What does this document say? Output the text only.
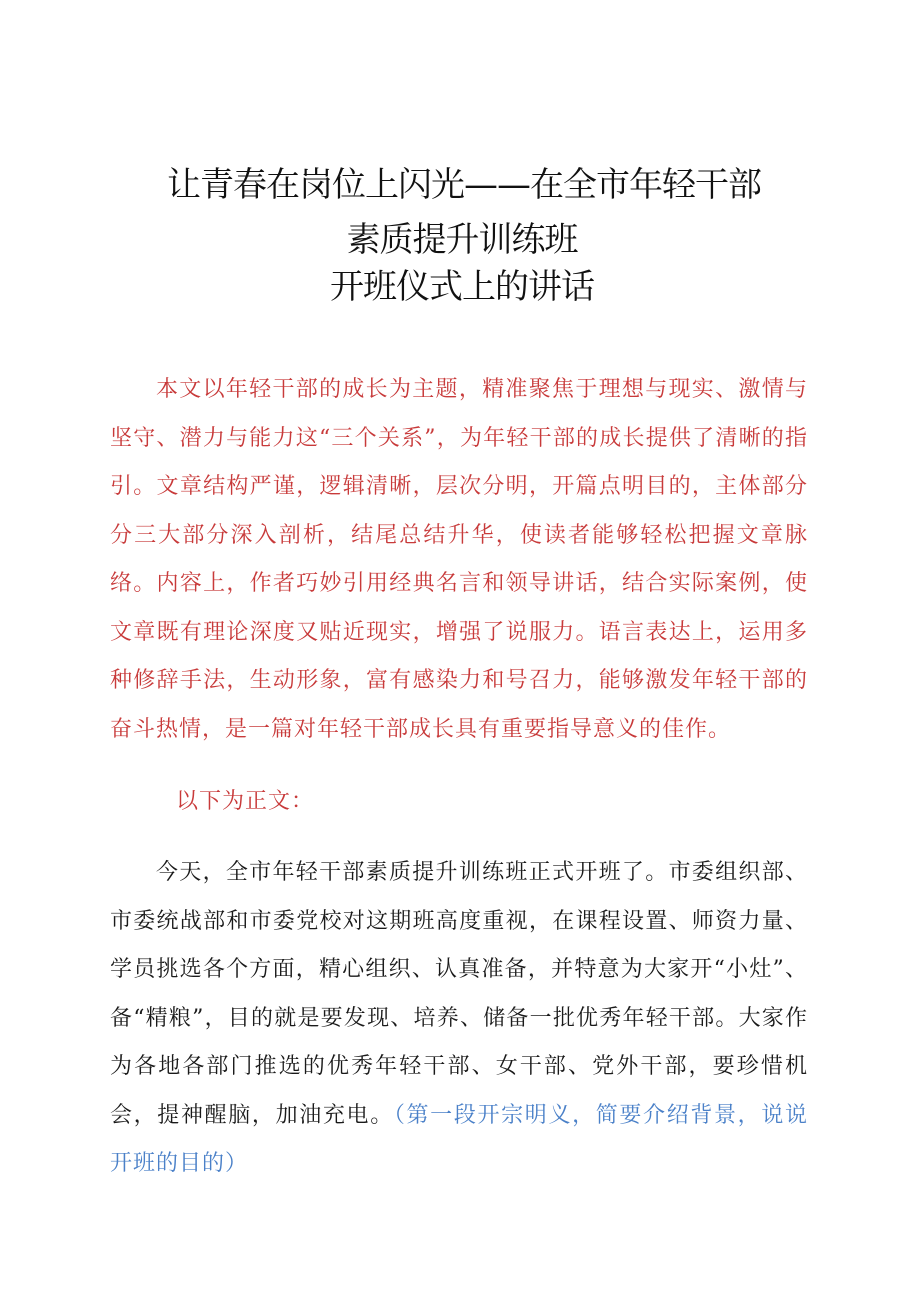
让青春在岗位上闪光——在全市年轻干部
素质提升训练班
开班仪式上的讲话

本文以年轻干部的成长为主题，精准聚焦于理想与现实、激情与坚守、潜力与能力这“三个关系”，为年轻干部的成长提供了清晰的指引。文章结构严谨，逻辑清晰，层次分明，开篇点明目的，主体部分分三大部分深入剖析，结尾总结升华，使读者能够轻松把握文章脉络。内容上，作者巧妙引用经典名言和领导讲话，结合实际案例，使文章既有理论深度又贴近现实，增强了说服力。语言表达上，运用多种修辞手法，生动形象，富有感染力和号召力，能够激发年轻干部的奋斗热情，是一篇对年轻干部成长具有重要指导意义的佳作。

以下为正文：

今天，全市年轻干部素质提升训练班正式开班了。市委组织部、市委统战部和市委党校对这期班高度重视，在课程设置、师资力量、学员挑选各个方面，精心组织、认真准备，并特意为大家开“小灶”、备“精粮”，目的就是要发现、培养、储备一批优秀年轻干部。大家作为各地各部门推选的优秀年轻干部、女干部、党外干部，要珍惜机会，提神醒脑，加油充电。（第一段开宗明义，简要介绍背景，说说开班的目的）
